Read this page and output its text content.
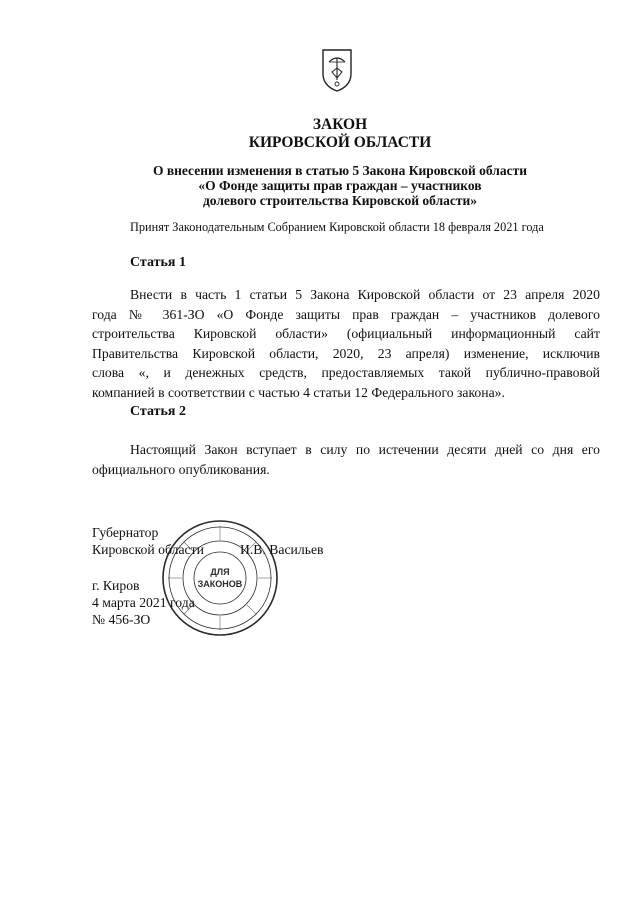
ЗАКОН
КИРОВСКОЙ ОБЛАСТИ
О внесении изменения в статью 5 Закона Кировской области
«О Фонде защиты прав граждан – участников
долевого строительства Кировской области»
Принят Законодательным Собранием Кировской области 18 февраля 2021 года
Статья 1
Внести в часть 1 статьи 5 Закона Кировской области от 23 апреля 2020
года № 361-ЗО «О Фонде защиты прав граждан – участников долевого
строительства Кировской области» (официальный информационный сайт
Правительства Кировской области, 2020, 23 апреля) изменение, исключив
слова «, и денежных средств, предоставляемых такой публично-правовой
компанией в соответствии с частью 4 статьи 12 Федерального закона».
Статья 2
Настоящий Закон вступает в силу по истечении десяти дней со дня его
официального опубликования.
ДЛЯ
ЗАКОНОВ
Губернатор
Кировской области	И.В. Васильев
г. Киров
4 марта 2021 года
№ 456-ЗО
